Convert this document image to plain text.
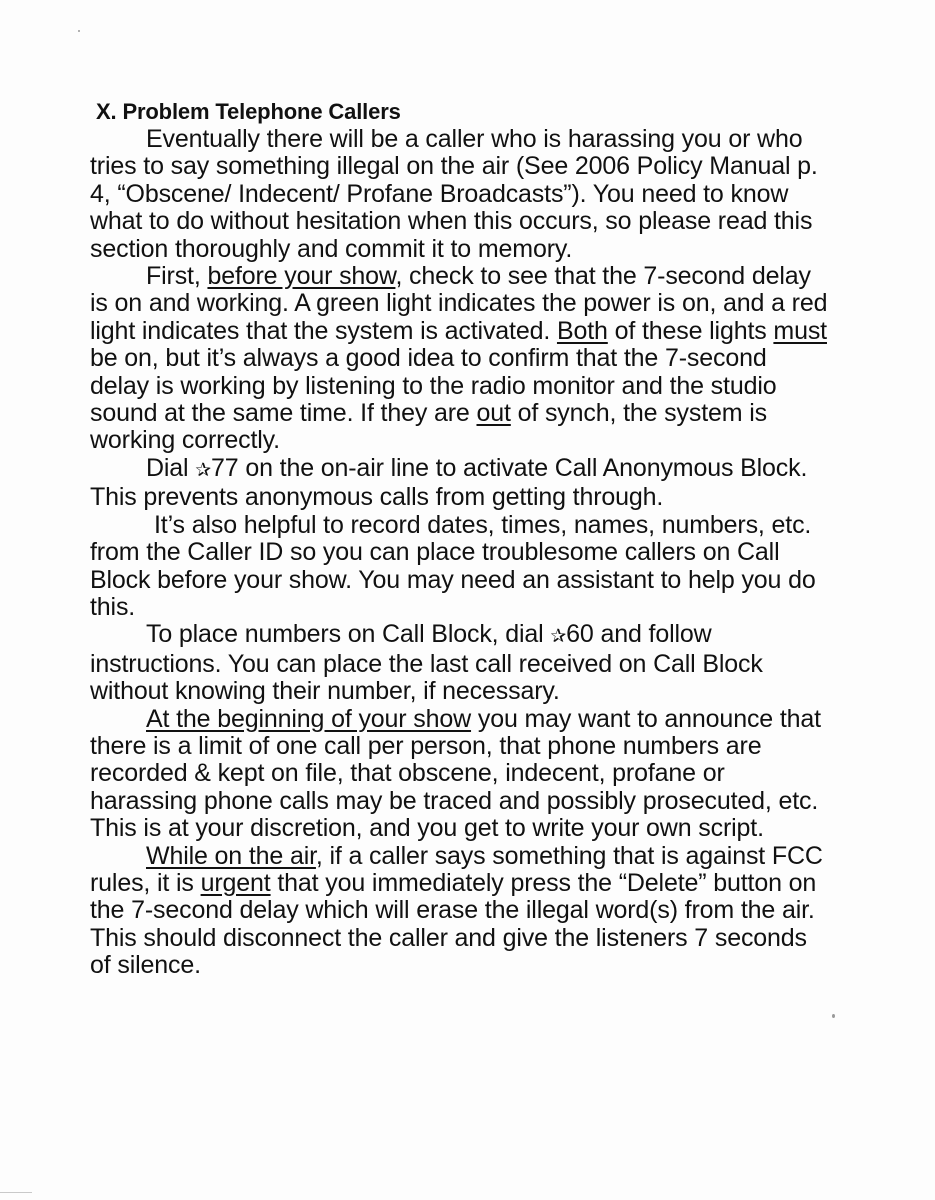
X. Problem Telephone Callers

Eventually there will be a caller who is harassing you or who tries to say something illegal on the air (See 2006 Policy Manual p. 4, “Obscene/ Indecent/ Profane Broadcasts”). You need to know what to do without hesitation when this occurs, so please read this section thoroughly and commit it to memory.

First, before your show, check to see that the 7-second delay is on and working. A green light indicates the power is on, and a red light indicates that the system is activated. Both of these lights must be on, but it’s always a good idea to confirm that the 7-second delay is working by listening to the radio monitor and the studio sound at the same time. If they are out of synch, the system is working correctly.

Dial ✰77 on the on-air line to activate Call Anonymous Block. This prevents anonymous calls from getting through.

It’s also helpful to record dates, times, names, numbers, etc. from the Caller ID so you can place troublesome callers on Call Block before your show. You may need an assistant to help you do this.

To place numbers on Call Block, dial ✰60 and follow instructions. You can place the last call received on Call Block without knowing their number, if necessary.

At the beginning of your show you may want to announce that there is a limit of one call per person, that phone numbers are recorded & kept on file, that obscene, indecent, profane or harassing phone calls may be traced and possibly prosecuted, etc. This is at your discretion, and you get to write your own script.

While on the air, if a caller says something that is against FCC rules, it is urgent that you immediately press the “Delete” button on the 7-second delay which will erase the illegal word(s) from the air. This should disconnect the caller and give the listeners 7 seconds of silence.
